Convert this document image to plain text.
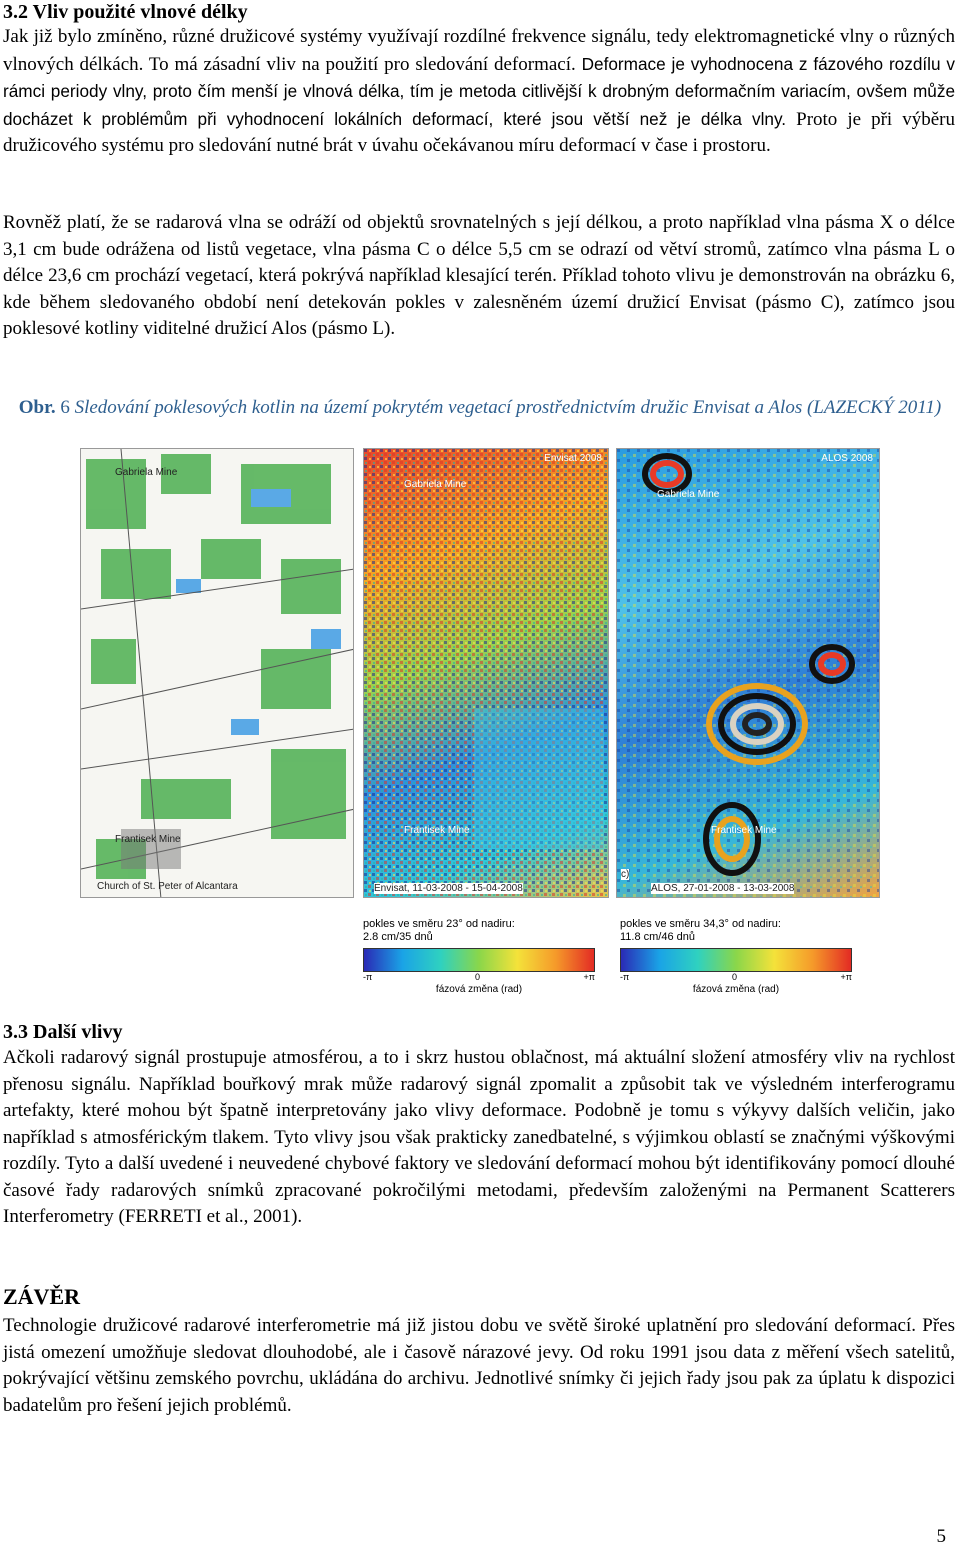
3.2 Vliv použité vlnové délky

Jak již bylo zmíněno, různé družicové systémy využívají rozdílné frekvence signálu, tedy elektromagnetické vlny o různých vlnových délkách. To má zásadní vliv na použití pro sledování deformací. Deformace je vyhodnocena z fázového rozdílu v rámci periody vlny, proto čím menší je vlnová délka, tím je metoda citlivější k drobným deformačním variacím, ovšem může docházet k problémům při vyhodnocení lokálních deformací, které jsou větší než je délka vlny. Proto je při výběru družicového systému pro sledování nutné brát v úvahu očekávanou míru deformací v čase i prostoru.

Rovněž platí, že se radarová vlna se odráží od objektů srovnatelných s její délkou, a proto například vlna pásma X o délce 3,1 cm bude odrážena od listů vegetace, vlna pásma C o délce 5,5 cm se odrazí od větví stromů, zatímco vlna pásma L o délce 23,6 cm prochází vegetací, která pokrývá například klesající terén. Příklad tohoto vlivu je demonstrován na obrázku 6, kde během sledovaného období není detekován pokles v zalesněném území družicí Envisat (pásmo C), zatímco jsou poklesové kotliny viditelné družicí Alos (pásmo L).

Obr. 6 Sledování poklesových kotlin na území pokrytém vegetací prostřednictvím družic Envisat a Alos (LAZECKÝ 2011)
Gabriela Mine
Frantisek Mine
Church of St. Peter of Alcantara
Envisat 2008
Gabriela Mine
Frantisek Mine
Envisat, 11-03-2008 - 15-04-2008
ALOS 2008
Gabriela Mine
Frantisek Mine
c)
ALOS, 27-01-2008 - 13-03-2008
pokles ve směru 23° od nadiru:
2.8 cm/35 dnů
-π	0	+π
fázová změna (rad)
pokles ve směru 34,3° od nadiru:
11.8 cm/46 dnů
-π	0	+π
fázová změna (rad)
3.3 Další vlivy

Ačkoli radarový signál prostupuje atmosférou, a to i skrz hustou oblačnost, má aktuální složení atmosféry vliv na rychlost přenosu signálu. Například bouřkový mrak může radarový signál zpomalit a způsobit tak ve výsledném interferogramu artefakty, které mohou být špatně interpretovány jako vlivy deformace. Podobně je tomu s výkyvy dalších veličin, jako například s atmosférickým tlakem. Tyto vlivy jsou však prakticky zanedbatelné, s výjimkou oblastí se značnými výškovými rozdíly. Tyto a další uvedené i neuvedené chybové faktory ve sledování deformací mohou být identifikovány pomocí dlouhé časové řady radarových snímků zpracované pokročilými metodami, především založenými na Permanent Scatterers Interferometry (FERRETI et al., 2001).

ZÁVĚR

Technologie družicové radarové interferometrie má již jistou dobu ve světě široké uplatnění pro sledování deformací. Přes jistá omezení umožňuje sledovat dlouhodobé, ale i časově nárazové jevy. Od roku 1991 jsou data z měření všech satelitů, pokrývající většinu zemského povrchu, ukládána do archivu. Jednotlivé snímky či jejich řady jsou pak za úplatu k dispozici badatelům pro řešení jejich problémů.

5
